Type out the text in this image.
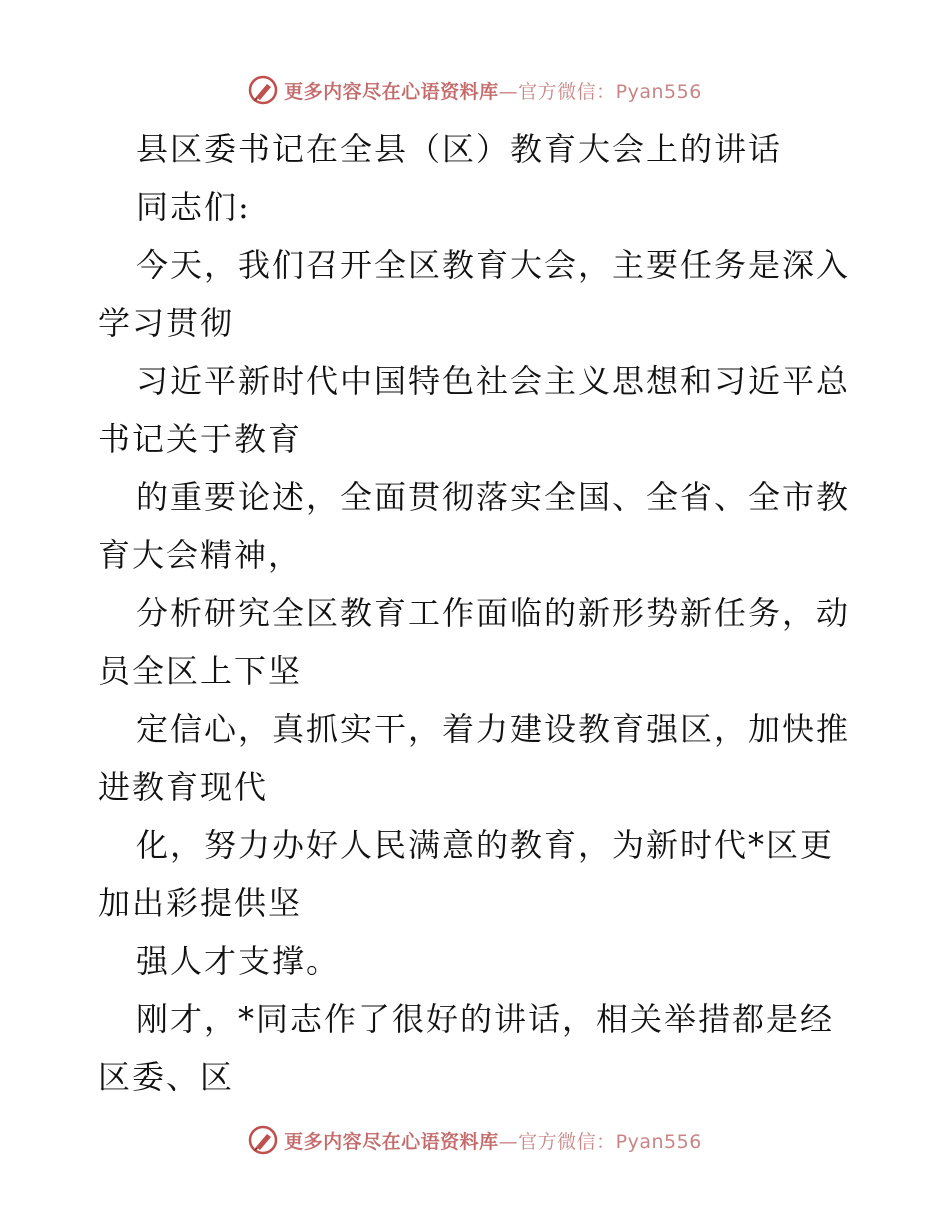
更多内容尽在心语资料库—官方微信：Pyan556
县区委书记在全县（区）教育大会上的讲话
同志们:
今天，我们召开全区教育大会，主要任务是深入
学习贯彻
习近平新时代中国特色社会主义思想和习近平总
书记关于教育
的重要论述，全面贯彻落实全国、全省、全市教
育大会精神，
分析研究全区教育工作面临的新形势新任务，动
员全区上下坚
定信心，真抓实干，着力建设教育强区，加快推
进教育现代
化，努力办好人民满意的教育，为新时代*区更
加出彩提供坚
强人才支撑。
刚才，*同志作了很好的讲话，相关举措都是经
区委、区
更多内容尽在心语资料库—官方微信：Pyan556
